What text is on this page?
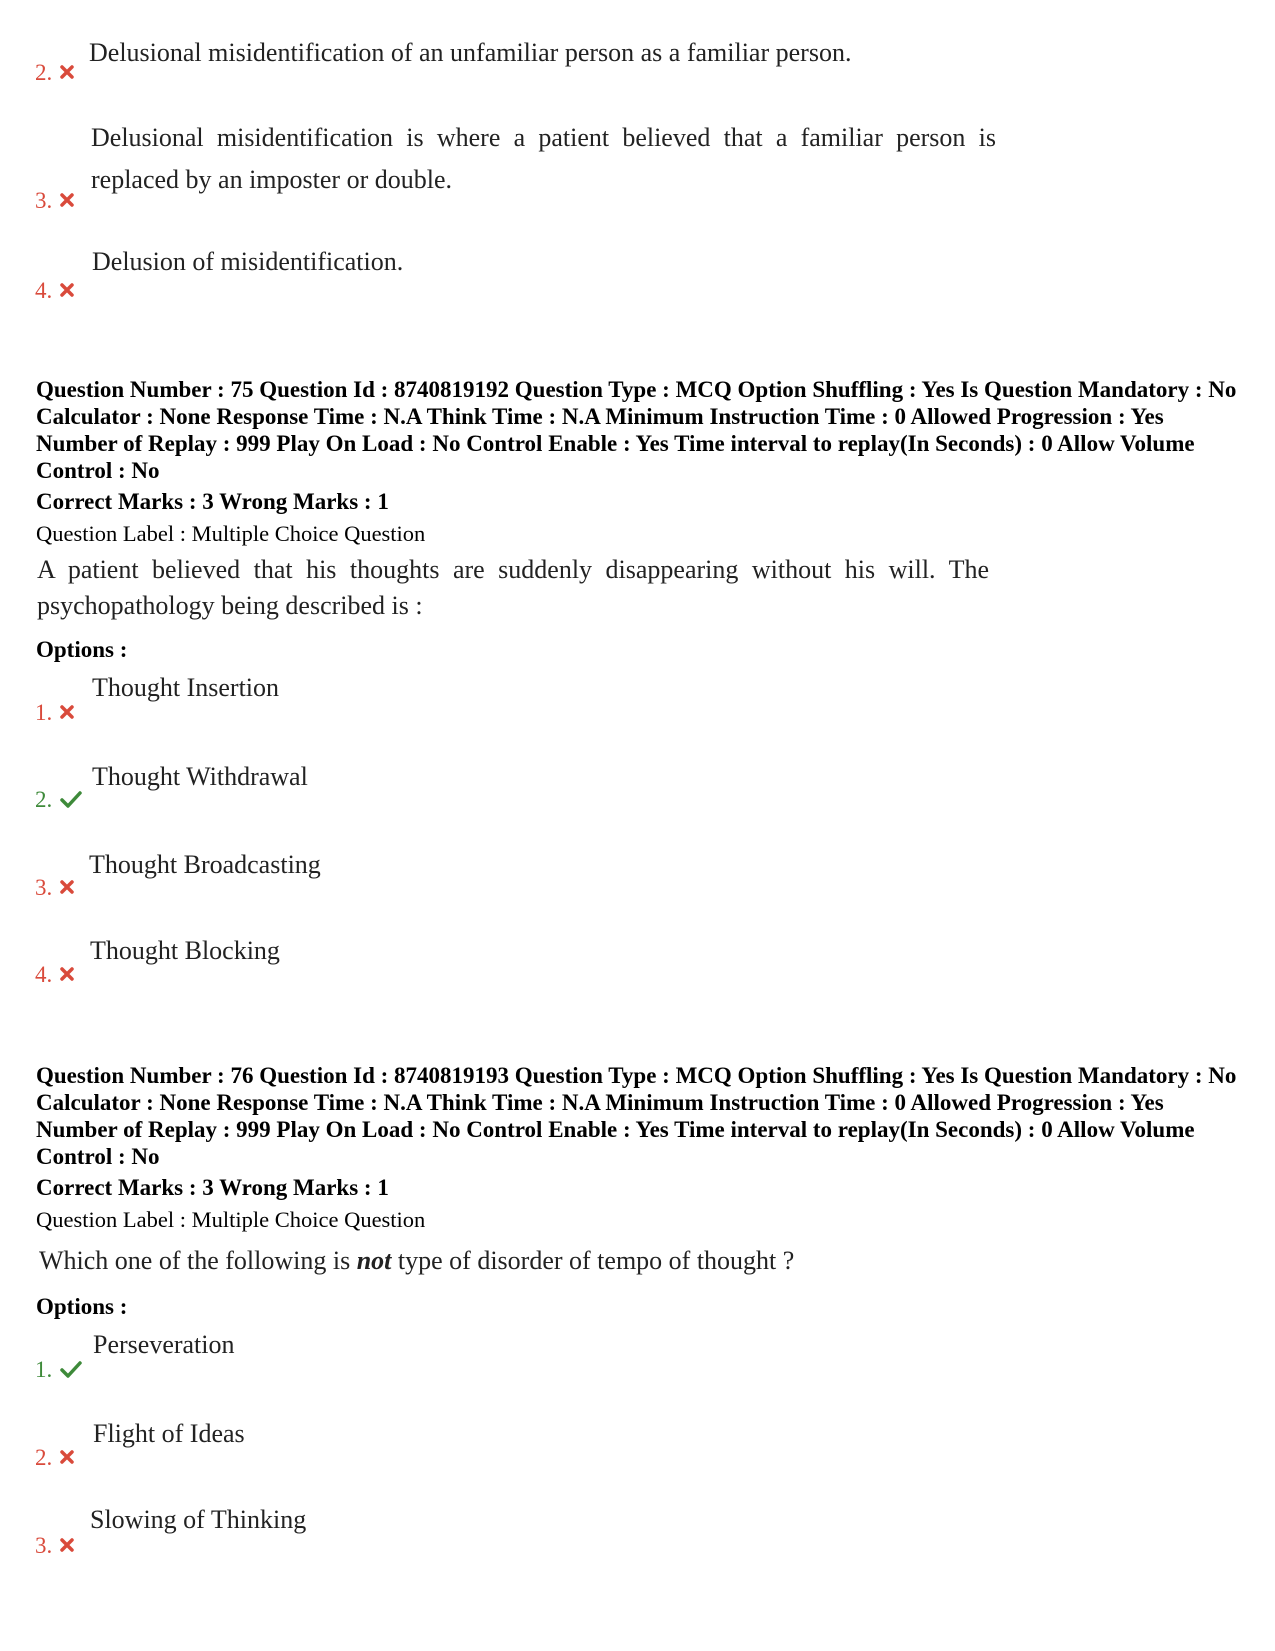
2.
Delusional misidentification of an unfamiliar person as a familiar person.
3.
Delusional misidentification is where a patient believed that a familiar person is replaced by an imposter or double.
4.
Delusion of misidentification.
Question Number : 75 Question Id : 8740819192 Question Type : MCQ Option Shuffling : Yes Is Question Mandatory : No Calculator : None Response Time : N.A Think Time : N.A Minimum Instruction Time : 0 Allowed Progression : Yes Number of Replay : 999 Play On Load : No Control Enable : Yes Time interval to replay(In Seconds) : 0 Allow Volume Control : No
Correct Marks : 3 Wrong Marks : 1
Question Label : Multiple Choice Question
A patient believed that his thoughts are suddenly disappearing without his will. The psychopathology being described is :
Options :
1.
Thought Insertion
2.
Thought Withdrawal
3.
Thought Broadcasting
4.
Thought Blocking
Question Number : 76 Question Id : 8740819193 Question Type : MCQ Option Shuffling : Yes Is Question Mandatory : No Calculator : None Response Time : N.A Think Time : N.A Minimum Instruction Time : 0 Allowed Progression : Yes Number of Replay : 999 Play On Load : No Control Enable : Yes Time interval to replay(In Seconds) : 0 Allow Volume Control : No
Correct Marks : 3 Wrong Marks : 1
Question Label : Multiple Choice Question
Which one of the following is not type of disorder of tempo of thought ?
Options :
1.
Perseveration
2.
Flight of Ideas
3.
Slowing of Thinking
